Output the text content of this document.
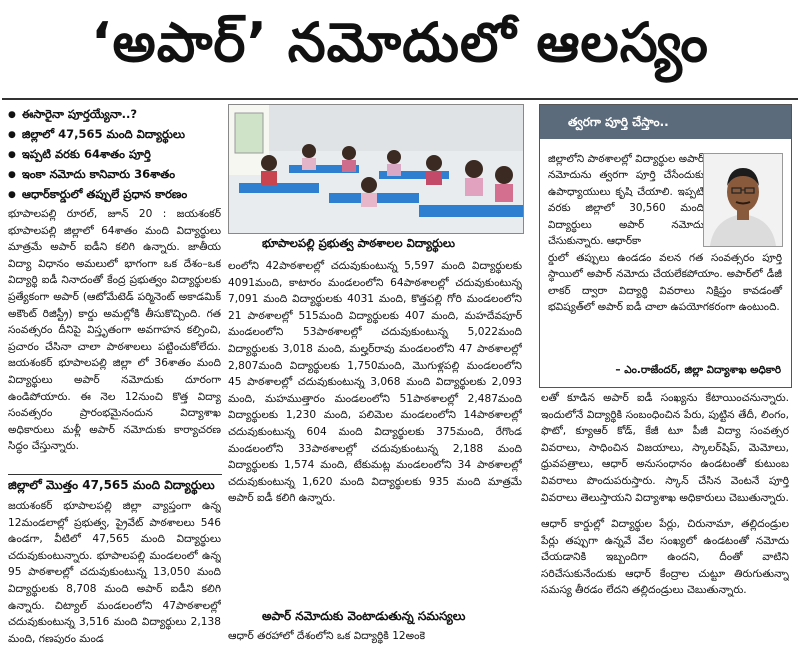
‘అపార్’ నమోదులో ఆలస్యం
● ఈసారైనా పూర్తయ్యేనా..?
● జిల్లాలో 47,565 మంది విద్యార్థులు
● ఇప్పటి వరకు 64శాతం పూర్తి
● ఇంకా నమోదు కానివారు 36శాతం
● ఆధార్‌కార్డులో తప్పులే ప్రధాన కారణం

భూపాలపల్లి రూరల్, జూన్ 20 : జయశంకర్ భూపాలపల్లి జిల్లాలో 64శాతం మంది విద్యార్థులు మాత్రమే అపార్ ఐడీని కలిగి ఉన్నారు. జాతీయ విద్యా విధానం అమలులో భాగంగా ఒక దేశం–ఒక విద్యార్థి ఐడీ నినాదంతో కేంద్ర ప్రభుత్వం విద్యార్థులకు ప్రత్యేకంగా అపార్ (ఆటోమేటెడ్ పర్మినెంట్ అకాడమిక్ అకౌంట్ రిజిస్ట్రీ) కార్డు అమల్లోకి తీసుకొచ్చింది. గత సంవత్సరం దీనిపై విస్తృతంగా అవగాహన కల్పించి, ప్రచారం చేసినా చాలా పాఠశాలలు పట్టించుకోలేదు. జయశంకర్ భూపాలపల్లి జిల్లా లో 36శాతం మంది విద్యార్థులు అపార్ నమోదుకు దూరంగా ఉండిపోయారు. ఈ నెల 12నుంచి కొత్త విద్యా సంవత్సరం ప్రారంభమైనందున విద్యాశాఖ అధికారులు మళ్లీ అపార్ నమోదుకు కార్యాచరణ సిద్ధం చేస్తున్నారు.

జిల్లాలో మొత్తం 47,565 మంది విద్యార్థులు

జయశంకర్ భూపాలపల్లి జిల్లా వ్యాప్తంగా ఉన్న 12మండలాల్లో ప్రభుత్వ, ప్రైవేట్ పాఠశాలలు 546 ఉండగా, వీటిలో 47,565 మంది విద్యార్థులు చదువుకుంటున్నారు. భూపాలపల్లి మండలంలో ఉన్న 95 పాఠశాలల్లో చదువుకుంటున్న 13,050 మంది విద్యార్థులకు 8,708 మంది అపార్ ఐడీని కలిగి ఉన్నారు. చిట్యాల్ మండలంలోని 47పాఠశాలల్లో చదువుకుంటున్న 3,516 మంది విద్యార్థులు 2,138 మంది, గణపురం మండ

భూపాలపల్లి ప్రభుత్వ పాఠశాలల విద్యార్థులు

లంలోని 42పాఠశాలల్లో చదువుకుంటున్న 5,597 మంది విద్యార్థులకు 4091మంది, కాటారం మండలంలోని 64పాఠశాలల్లో చదువుకుంటున్న 7,091 మంది విద్యార్థులకు 4031 మంది, కొత్తపల్లి గోరి మండలంలోని 21 పాఠశాలల్లో 515మంది విద్యార్థులకు 407 మంది, మహదేవపూర్ మండలంలోని 53పాఠశాలల్లో చదువుకుంటున్న 5,022మంది విద్యార్థులకు 3,018 మంది, మల్హర్‌రావు మండలంలోని 47 పాఠశాలల్లో 2,807మంది విద్యార్థులకు 1,750మంది, మొగుళ్లపల్లి మండలంలోని 45 పాఠశాలల్లో చదువుకుంటున్న 3,068 మంది విద్యార్థులకు 2,093 మంది, మహముత్తారం మండలంలోని 51పాఠశాలల్లో 2,487మంది విద్యార్థులకు 1,230 మంది, పలిమెల మండలంలోని 14పాఠశాలల్లో చదువుకుంటున్న 604 మంది విద్యార్థులకు 375మంది, రేగొండ మండలంలోని 33పాఠశాలల్లో చదువుకుంటున్న 2,188 మంది విద్యార్థులకు 1,574 మంది, టేకుమట్ల మండలంలోని 34 పాఠశాలల్లో చదువుకుంటున్న 1,620 మంది విద్యార్థులకు 935 మంది మాత్రమే అపార్ ఐడీ కలిగి ఉన్నారు.

అపార్ నమోదుకు వెంటాడుతున్న సమస్యలు

ఆధార్ తరహాలో దేశంలోని ఒక విద్యార్థికి 12అంకె

త్వరగా పూర్తి చేస్తాం..
జిల్లాలోని పాఠశాలల్లో విద్యార్థుల అపార్ నమోదును త్వరగా పూర్తి చేసేందుకు ఉపాధ్యాయులు కృషి చేయాలి. ఇప్పటి వరకు జిల్లాలో 30,560 మంది విద్యార్థులు అపార్ నమోదు చేసుకున్నారు. ఆధార్‌కా
ర్డులో తప్పులు ఉండడం వలన గత సంవత్సరం పూర్తి స్థాయిలో అపార్ నమోదు చేయలేకపోయాం. అపార్‌లో డీజీ లాకర్ ద్వారా విద్యార్థి వివరాలు నిక్షిప్తం కావడంతో భవిష్యత్‌లో అపార్ ఐడీ చాలా ఉపయోగకరంగా ఉంటుంది.
– ఎం.రాజేందర్, జిల్లా విద్యాశాఖ అధికారి

లతో కూడిన అపార్ ఐడీ సంఖ్యను కేటాయించనున్నారు. ఇందులోనే విద్యార్థికి సంబంధించిన పేరు, పుట్టిన తేదీ, లింగం, ఫొటో, క్యూఆర్ కోడ్, కేజీ టూ పీజీ విద్యా సంవత్సర వివరాలు, సాధించిన విజయాలు, స్కాలర్‌షిప్, మెమోలు, ధ్రువపత్రాలు, ఆధార్ అనుసంధానం ఉండటంతో కుటుంబ వివరాలు పొందుపరుస్తారు. స్కాన్ చేసిన వెంటనే పూర్తి వివరాలు తెలుస్తాయని విద్యాశాఖ అధికారులు చెబుతున్నారు.

ఆధార్ కార్డుల్లో విద్యార్థుల పేర్లు, చిరునామా, తల్లిదండ్రుల పేర్లు తప్పుగా ఉన్నవే వేల సంఖ్యలో ఉండటంతో నమోదు చేయడానికి ఇబ్బందిగా ఉందని, దీంతో వాటిని సరిచేసుకునేందుకు ఆధార్ కేంద్రాల చుట్టూ తిరుగుతున్నా సమస్య తీరడం లేదని తల్లిదండ్రులు చెబుతున్నారు.
